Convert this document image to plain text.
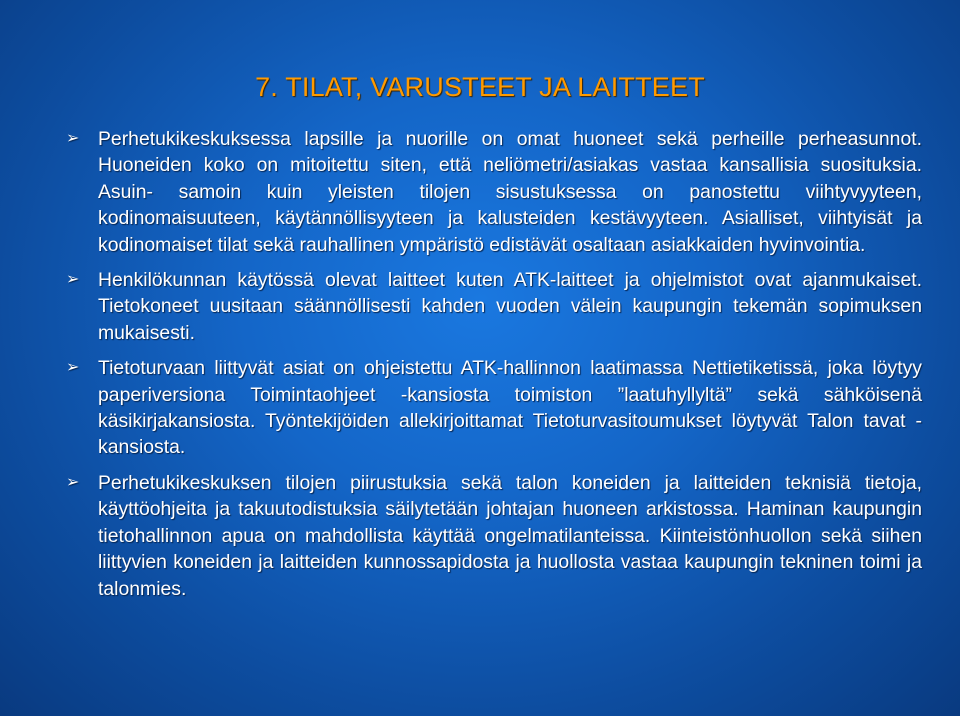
7. TILAT, VARUSTEET JA LAITTEET
➢ Perhetukikeskuksessa lapsille ja nuorille on omat huoneet sekä perheille perheasunnot. Huoneiden koko on mitoitettu siten, että neliömetri/asiakas vastaa kansallisia suosituksia. Asuin- samoin kuin yleisten tilojen sisustuksessa on panostettu viihtyvyyteen, kodinomaisuuteen, käytännöllisyyteen ja kalusteiden kestävyyteen. Asialliset, viihtyisät ja kodinomaiset tilat sekä rauhallinen ympäristö edistävät osaltaan asiakkaiden hyvinvointia.
➢ Henkilökunnan käytössä olevat laitteet kuten ATK-laitteet ja ohjelmistot ovat ajanmukaiset. Tietokoneet uusitaan säännöllisesti kahden vuoden välein kaupungin tekemän sopimuksen mukaisesti.
➢ Tietoturvaan liittyvät asiat on ohjeistettu ATK-hallinnon laatimassa Nettietiketissä, joka löytyy paperiversiona Toimintaohjeet -kansiosta toimiston ”laatuhyllyltä” sekä sähköisenä käsikirjakansiosta. Työntekijöiden allekirjoittamat Tietoturvasitoumukset löytyvät Talon tavat -kansiosta.
➢ Perhetukikeskuksen tilojen piirustuksia sekä talon koneiden ja laitteiden teknisiä tietoja, käyttöohjeita ja takuutodistuksia säilytetään johtajan huoneen arkistossa. Haminan kaupungin tietohallinnon apua on mahdollista käyttää ongelmatilanteissa. Kiinteistönhuollon sekä siihen liittyvien koneiden ja laitteiden kunnossapidosta ja huollosta vastaa kaupungin tekninen toimi ja talonmies.
